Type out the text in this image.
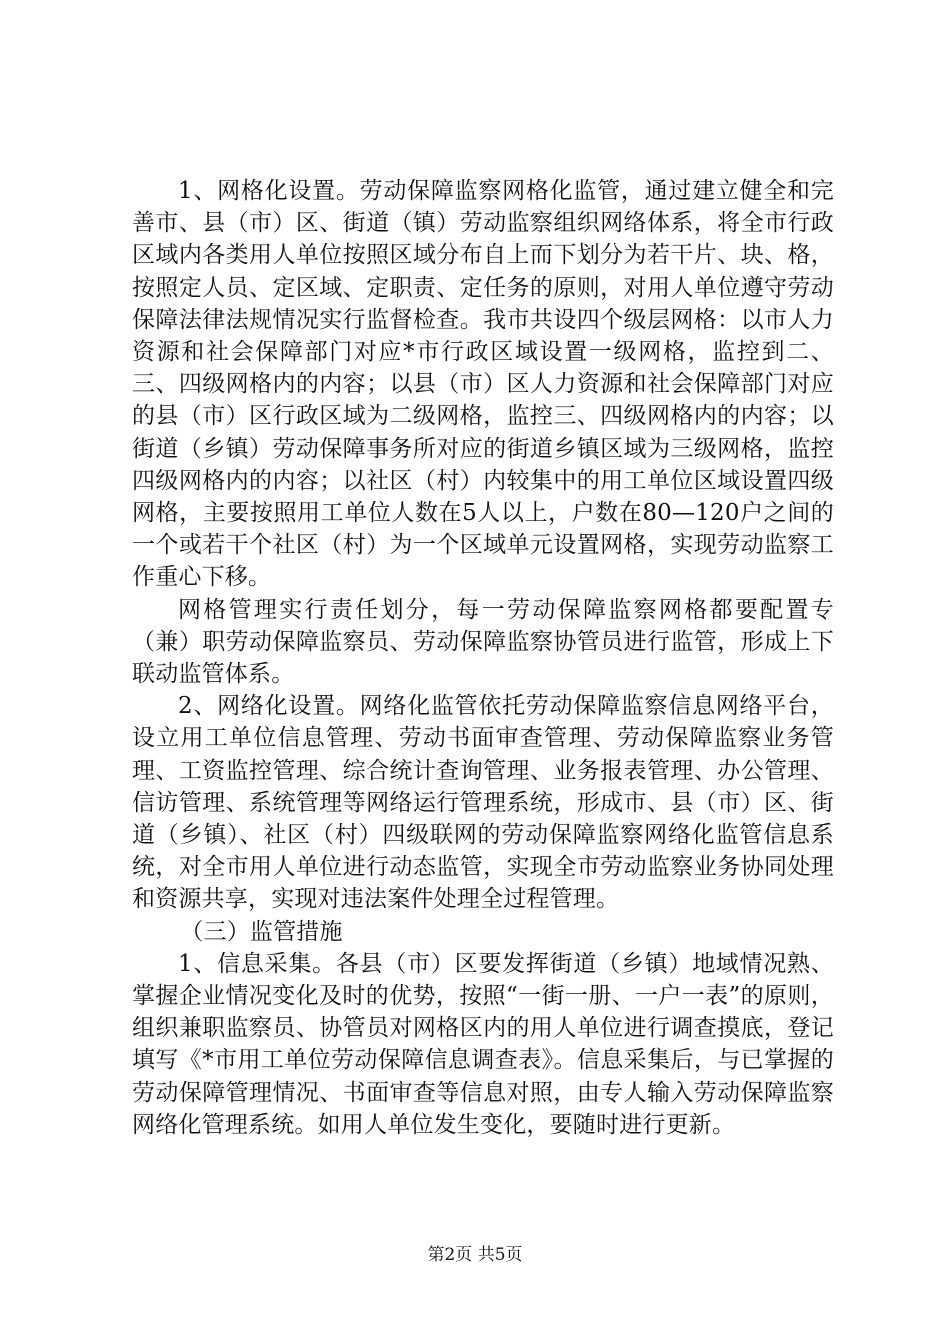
1、网格化设置。劳动保障监察网格化监管，通过建立健全和完善市、县（市）区、街道（镇）劳动监察组织网络体系，将全市行政区域内各类用人单位按照区域分布自上而下划分为若干片、块、格，按照定人员、定区域、定职责、定任务的原则，对用人单位遵守劳动保障法律法规情况实行监督检查。我市共设四个级层网格：以市人力资源和社会保障部门对应*市行政区域设置一级网格，监控到二、三、四级网格内的内容；以县（市）区人力资源和社会保障部门对应的县（市）区行政区域为二级网格，监控三、四级网格内的内容；以街道（乡镇）劳动保障事务所对应的街道乡镇区域为三级网格，监控四级网格内的内容；以社区（村）内较集中的用工单位区域设置四级网格，主要按照用工单位人数在5人以上，户数在80—120户之间的一个或若干个社区（村）为一个区域单元设置网格，实现劳动监察工作重心下移。

网格管理实行责任划分，每一劳动保障监察网格都要配置专（兼）职劳动保障监察员、劳动保障监察协管员进行监管，形成上下联动监管体系。

2、网络化设置。网络化监管依托劳动保障监察信息网络平台，设立用工单位信息管理、劳动书面审查管理、劳动保障监察业务管理、工资监控管理、综合统计查询管理、业务报表管理、办公管理、信访管理、系统管理等网络运行管理系统，形成市、县（市）区、街道（乡镇）、社区（村）四级联网的劳动保障监察网络化监管信息系统，对全市用人单位进行动态监管，实现全市劳动监察业务协同处理和资源共享，实现对违法案件处理全过程管理。

（三）监管措施

1、信息采集。各县（市）区要发挥街道（乡镇）地域情况熟、掌握企业情况变化及时的优势，按照“一街一册、一户一表”的原则，组织兼职监察员、协管员对网格区内的用人单位进行调查摸底，登记填写《*市用工单位劳动保障信息调查表》。信息采集后，与已掌握的劳动保障管理情况、书面审查等信息对照，由专人输入劳动保障监察网络化管理系统。如用人单位发生变化，要随时进行更新。

第2页 共5页
